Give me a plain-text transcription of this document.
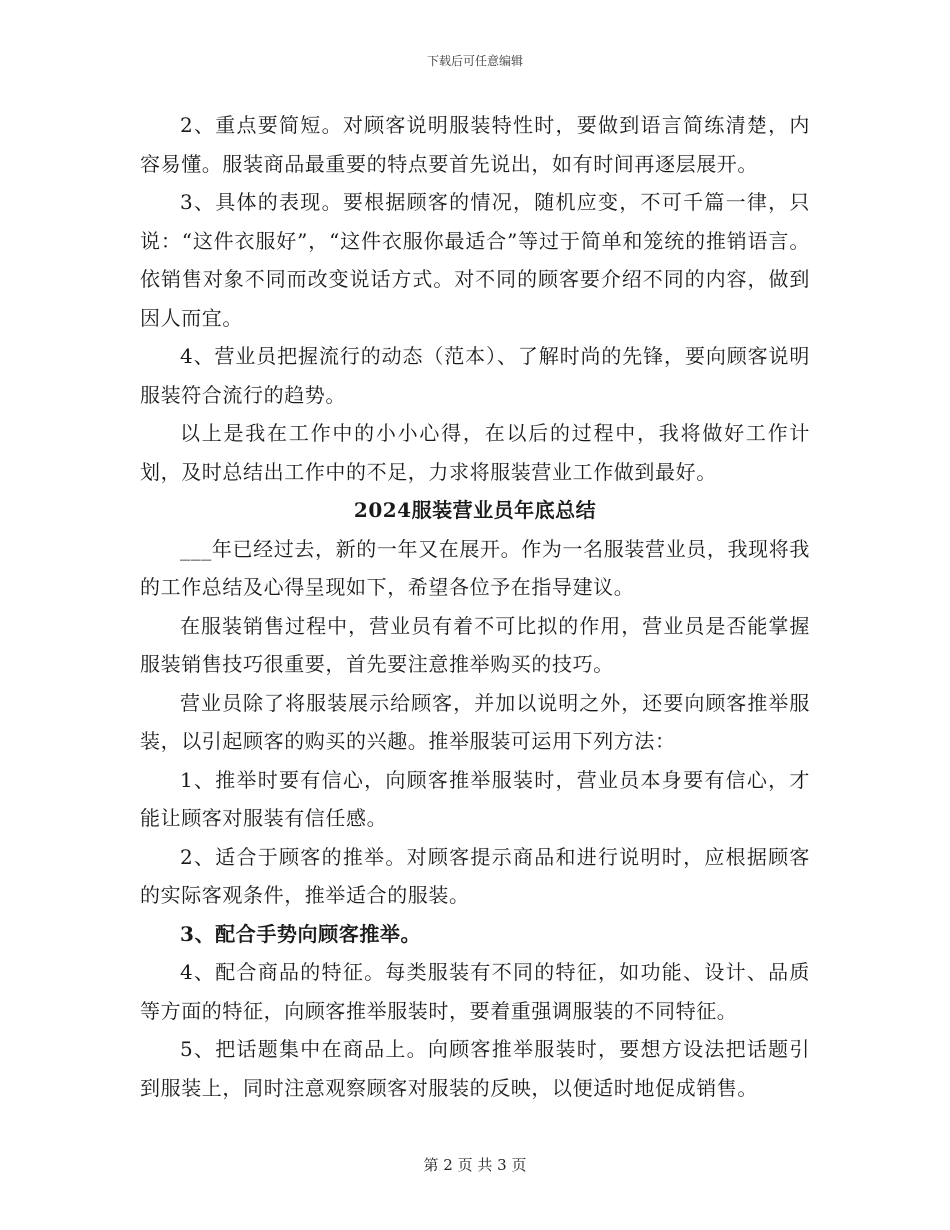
下载后可任意编辑

2、重点要简短。对顾客说明服装特性时，要做到语言简练清楚，内容易懂。服装商品最重要的特点要首先说出，如有时间再逐层展开。

3、具体的表现。要根据顾客的情况，随机应变，不可千篇一律，只说：“这件衣服好”，“这件衣服你最适合”等过于简单和笼统的推销语言。依销售对象不同而改变说话方式。对不同的顾客要介绍不同的内容，做到因人而宜。

4、营业员把握流行的动态（范本）、了解时尚的先锋，要向顾客说明服装符合流行的趋势。

以上是我在工作中的小小心得，在以后的过程中，我将做好工作计划，及时总结出工作中的不足，力求将服装营业工作做到最好。

2024服装营业员年底总结

___年已经过去，新的一年又在展开。作为一名服装营业员，我现将我的工作总结及心得呈现如下，希望各位予在指导建议。

在服装销售过程中，营业员有着不可比拟的作用，营业员是否能掌握服装销售技巧很重要，首先要注意推举购买的技巧。

营业员除了将服装展示给顾客，并加以说明之外，还要向顾客推举服装，以引起顾客的购买的兴趣。推举服装可运用下列方法：

1、推举时要有信心，向顾客推举服装时，营业员本身要有信心，才能让顾客对服装有信任感。

2、适合于顾客的推举。对顾客提示商品和进行说明时，应根据顾客的实际客观条件，推举适合的服装。

3、配合手势向顾客推举。

4、配合商品的特征。每类服装有不同的特征，如功能、设计、品质等方面的特征，向顾客推举服装时，要着重强调服装的不同特征。

5、把话题集中在商品上。向顾客推举服装时，要想方设法把话题引到服装上，同时注意观察顾客对服装的反映，以便适时地促成销售。

第 2 页 共 3 页
